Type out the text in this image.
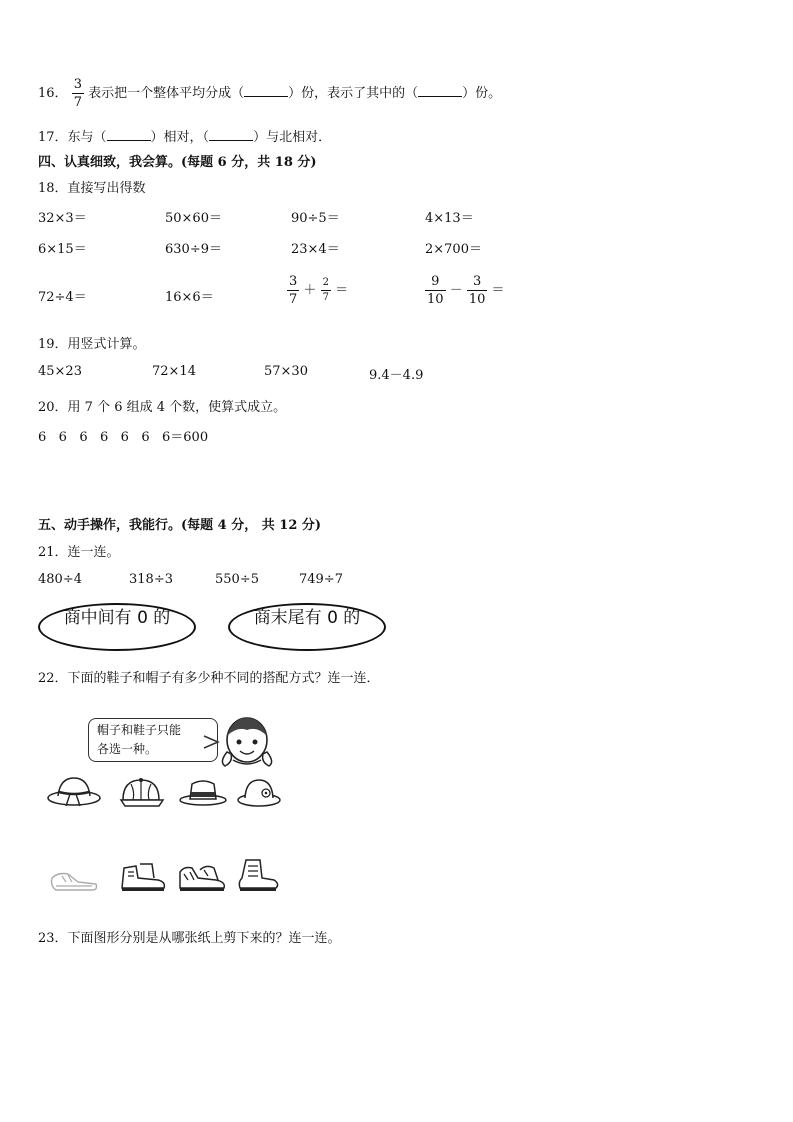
16． $\frac{3}{7}$ 表示把一个整体平均分成（	）份，表示了其中的（	）份。
17．东与（	）相对，（	）与北相对．
四、认真细致，我会算。(每题 6 分，共 18 分)
18．直接写出得数
32×3＝	50×60＝	90÷5＝	4×13＝
6×15＝	630÷9＝	23×4＝	2×700＝
72÷4＝	16×6＝	$\frac{3}{7} + \frac{2}{7}$ ＝	$\frac{9}{10} - \frac{3}{10}$ ＝
19．用竖式计算。
45×23	72×14	57×30	9.4－4.9
20．用 7 个 6 组成 4 个数，使算式成立。
6   6   6   6   6   6   6＝600
五、动手操作，我能行。(每题 4 分， 共 12 分)
21．连一连。
480÷4	318÷3	550÷5	749÷7
商中间有 0 的	商末尾有 0 的
22．下面的鞋子和帽子有多少种不同的搭配方式？连一连．
帽子和鞋子只能
各选一种。
23．下面图形分别是从哪张纸上剪下来的？连一连。
